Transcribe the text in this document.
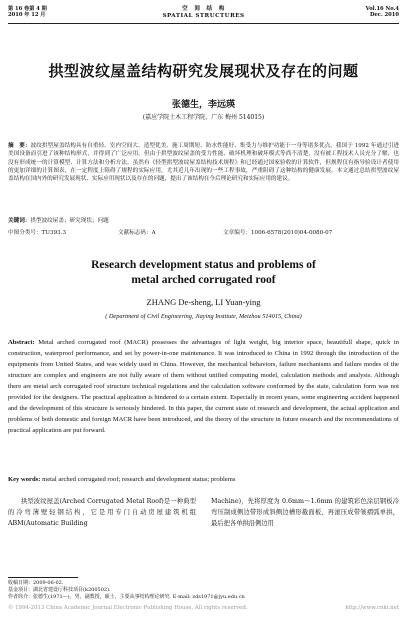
第 16 卷第 4 期
2010 年 12 月
空　间　结　构
SPATIAL STRUCTURES
Vol.16 No.4
Dec. 2010
拱型波纹屋盖结构研究发展现状及存在的问题
张德生，李远瑛
(嘉应学院土木工程学院，广东 梅州 514015)
摘　要：波纹拱型屋盖结构具有自重轻、室内空间大、造型优美、施工周期短、防水性能好、集受力与维护功能于一身等诸多优点。我国于 1992 年通过引进美国设备而引进了该种结构形式，并得到了广泛应用。但由于拱型波纹屋盖的受力性能、破坏机理和破坏模式等尚不清楚，没有被工程技术人员充分了解，也没有形成统一的计算模型、计算方法和分析方法。虽然有《轻型拱型波纹屋盖结构技术规程》和已经通过国家验收的计算软件，但规程仅有指导验设计者使用的更加详细的计算图表，在一定程度上阻碍了规程的实际应用，尤其近几年出现的一些工程事故，严重阻碍了这种结构的健康发展。本文通过总结拱型波纹屋盖结构在国内外的研究发展现状、实际应用现状以及存在的问题，提出了该结构在今后理论研究和实际应用的建议。
关键词：拱型波纹屋盖；研究现状；问题
中图分类号：TU393.3	文献标志码：A	文章编号：1006-6578(2010)04-0080-07
Research development status and problems of
metal arched corrugated roof
ZHANG De-sheng, LI Yuan-ying
( Department of Civil Engineering, Jiaying Institute, Meizhou 514015, China)
Abstract: Metal arched corrugated roof (MACR) possesses the advantages of light weight, big interior space, beautifull shape, quick in construction, waterproof performance, and set by power-in-one maintenance. It was introduced to China in 1992 through the introduction of the equipments from United States, and was widely used in China. However, the mechanical behaviors, failure mechanisms and failure modes of the structure are complex and engineers are not fully aware of them without unified computing model, calculation methods and analysis. Although there are metal arch corrugated roof structure technical regulations and the calculation software conformed by the state, calculation form was not provided for the designers. The practical application is hindered to a certain extent. Especially in recent years, some engineering accident happened and the development of this structure is seriously hindered. In this paper, the current state of research and development, the actual application and problems of both domestic and foreign MACR have been introduced, and the theory of the structure in future research and the recommendations of practical application are put forward.
Key words: metal arched corrugated roof; research and development status; problems
　　拱型波纹屋盖(Arched Corrugated Metal Roof)是一种典型的冷弯薄壁轻钢结构，它是用专门自动房屋建筑机组 ABM(Automatic Building
Machine)，先将厚度为 0.6mm～1.6mm 的建筑彩色涂层钢板冷弯压制成侧边带形成斜侧边槽形截面板，再滚压成带皱褶弧单拱，最后把各单拱沿侧边用
收稿日期：2009-06-02.
基金项目：湖北省建设厅科技项目(k200502).
作者简介：张德生(1971—)，男，副教授，硕士，主要从事结构理论研究. E-mail: zds1971@jyu.edu.cn
© 1994-2013 China Academic Journal Electronic Publishing House. All rights reserved.	http://www.cnki.net
